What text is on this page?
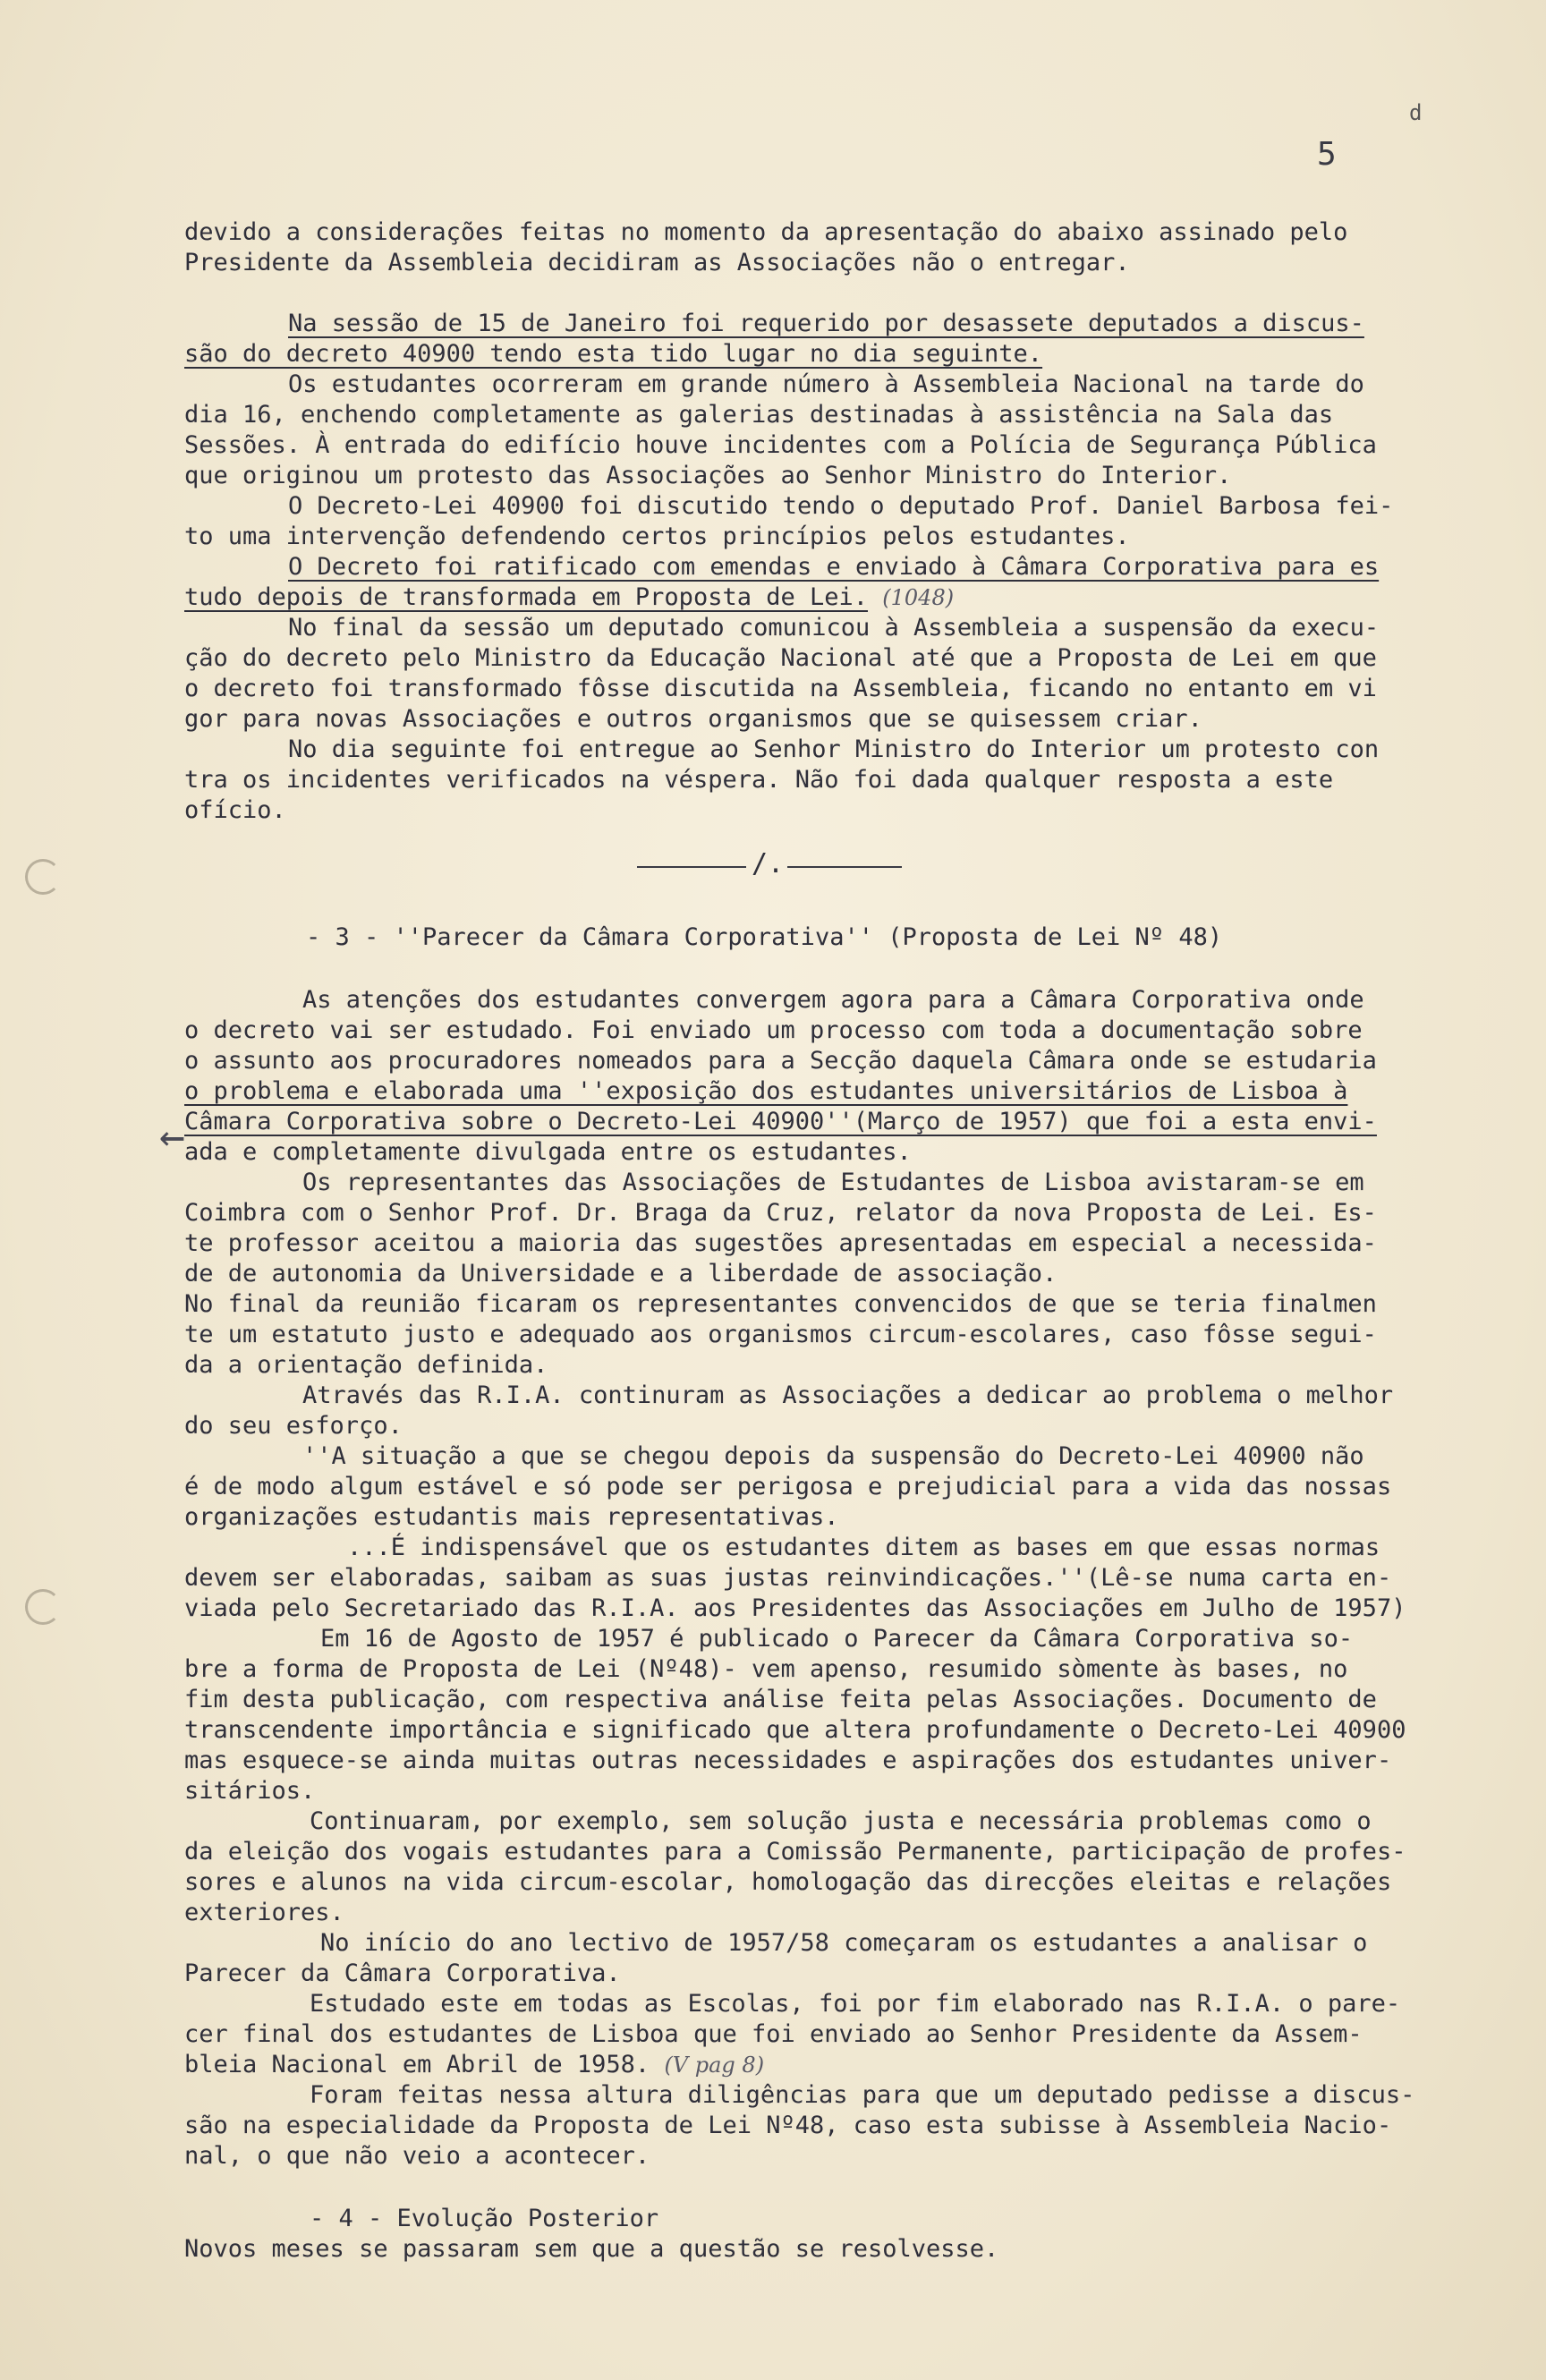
d
5
devido a considerações feitas no momento da apresentação do abaixo assinado pelo
Presidente da Assembleia decidiram as Associações não o entregar.
Na sessão de 15 de Janeiro foi requerido por desassete deputados a discus-
são do decreto 40900 tendo esta tido lugar no dia seguinte.
Os estudantes ocorreram em grande número à Assembleia Nacional na tarde do
dia 16, enchendo completamente as galerias destinadas à assistência na Sala das
Sessões. À entrada do edifício houve incidentes com a Polícia de Segurança Pública
que originou um protesto das Associações ao Senhor Ministro do Interior.
O Decreto-Lei 40900 foi discutido tendo o deputado Prof. Daniel Barbosa fei-
to uma intervenção defendendo certos princípios pelos estudantes.
O Decreto foi ratificado com emendas e enviado à Câmara Corporativa para es
tudo depois de transformada em Proposta de Lei. (1048)
No final da sessão um deputado comunicou à Assembleia a suspensão da execu-
ção do decreto pelo Ministro da Educação Nacional até que a Proposta de Lei em que
o decreto foi transformado fôsse discutida na Assembleia, ficando no entanto em vi
gor para novas Associações e outros organismos que se quisessem criar.
No dia seguinte foi entregue ao Senhor Ministro do Interior um protesto con
tra os incidentes verificados na véspera. Não foi dada qualquer resposta a este
ofício.
/.
- 3 - ''Parecer da Câmara Corporativa'' (Proposta de Lei Nº 48)
As atenções dos estudantes convergem agora para a Câmara Corporativa onde
o decreto vai ser estudado. Foi enviado um processo com toda a documentação sobre
o assunto aos procuradores nomeados para a Secção daquela Câmara onde se estudaria
o problema e elaborada uma ''exposição dos estudantes universitários de Lisboa à
← Câmara Corporativa sobre o Decreto-Lei 40900''(Março de 1957) que foi a esta envi-
ada e completamente divulgada entre os estudantes.
Os representantes das Associações de Estudantes de Lisboa avistaram-se em
Coimbra com o Senhor Prof. Dr. Braga da Cruz, relator da nova Proposta de Lei. Es-
te professor aceitou a maioria das sugestões apresentadas em especial a necessida-
de de autonomia da Universidade e a liberdade de associação.
No final da reunião ficaram os representantes convencidos de que se teria finalmen
te um estatuto justo e adequado aos organismos circum-escolares, caso fôsse segui-
da a orientação definida.
Através das R.I.A. continuram as Associações a dedicar ao problema o melhor
do seu esforço.
''A situação a que se chegou depois da suspensão do Decreto-Lei 40900 não
é de modo algum estável e só pode ser perigosa e prejudicial para a vida das nossas
organizações estudantis mais representativas.
...É indispensável que os estudantes ditem as bases em que essas normas
devem ser elaboradas, saibam as suas justas reinvindicações.''(Lê-se numa carta en-
viada pelo Secretariado das R.I.A. aos Presidentes das Associações em Julho de 1957)
Em 16 de Agosto de 1957 é publicado o Parecer da Câmara Corporativa so-
bre a forma de Proposta de Lei (Nº48)- vem apenso, resumido sòmente às bases, no
fim desta publicação, com respectiva análise feita pelas Associações. Documento de
transcendente importância e significado que altera profundamente o Decreto-Lei 40900
mas esquece-se ainda muitas outras necessidades e aspirações dos estudantes univer-
sitários.
Continuaram, por exemplo, sem solução justa e necessária problemas como o
da eleição dos vogais estudantes para a Comissão Permanente, participação de profes-
sores e alunos na vida circum-escolar, homologação das direcções eleitas e relações
exteriores.
No início do ano lectivo de 1957/58 começaram os estudantes a analisar o
Parecer da Câmara Corporativa.
Estudado este em todas as Escolas, foi por fim elaborado nas R.I.A. o pare-
cer final dos estudantes de Lisboa que foi enviado ao Senhor Presidente da Assem-
bleia Nacional em Abril de 1958. (V pag 8)
Foram feitas nessa altura diligências para que um deputado pedisse a discus-
são na especialidade da Proposta de Lei Nº48, caso esta subisse à Assembleia Nacio-
nal, o que não veio a acontecer.
- 4 - Evolução Posterior
Novos meses se passaram sem que a questão se resolvesse.
